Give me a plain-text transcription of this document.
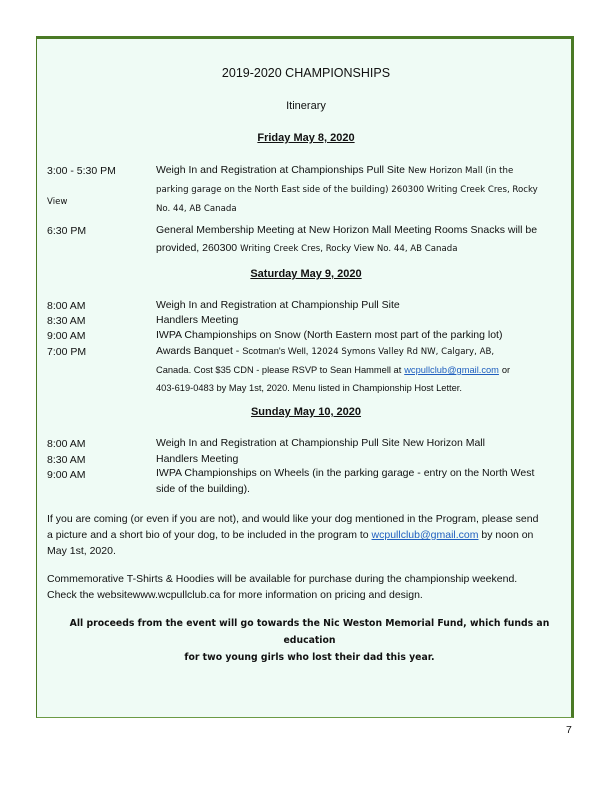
2019-2020 CHAMPIONSHIPS
Itinerary
Friday May 8, 2020
3:00 - 5:30 PM	Weigh In and Registration at Championships Pull Site New Horizon Mall (in the
parking garage on the North East side of the building) 260300 Writing Creek Cres, Rocky
No. 44, AB Canada
View
6:30 PM	General Membership Meeting at New Horizon Mall Meeting Rooms Snacks will be
provided, 260300 Writing Creek Cres, Rocky View No. 44, AB Canada
Saturday May 9, 2020
8:00 AM	Weigh In and Registration at Championship Pull Site
8:30 AM	Handlers Meeting
9:00 AM	IWPA Championships on Snow (North Eastern most part of the parking lot)
7:00 PM	Awards Banquet - Scotman's Well, 12024 Symons Valley Rd NW, Calgary, AB,
Canada. Cost $35 CDN - please RSVP to Sean Hammell at wcpullclub@gmail.com or
403-619-0483 by May 1st, 2020. Menu listed in Championship Host Letter.
Sunday May 10, 2020
8:00 AM	Weigh In and Registration at Championship Pull Site New Horizon Mall
8:30 AM	Handlers Meeting
9:00 AM	IWPA Championships on Wheels (in the parking garage - entry on the North West
side of the building).
If you are coming (or even if you are not), and would like your dog mentioned in the Program, please send
a picture and a short bio of your dog, to be included in the program to wcpullclub@gmail.com by noon on
May 1st, 2020.
Commemorative T-Shirts & Hoodies will be available for purchase during the championship weekend.
Check the websitewww.wcpullclub.ca for more information on pricing and design.
All proceeds from the event will go towards the Nic Weston Memorial Fund, which funds an education
for two young girls who lost their dad this year.
7
